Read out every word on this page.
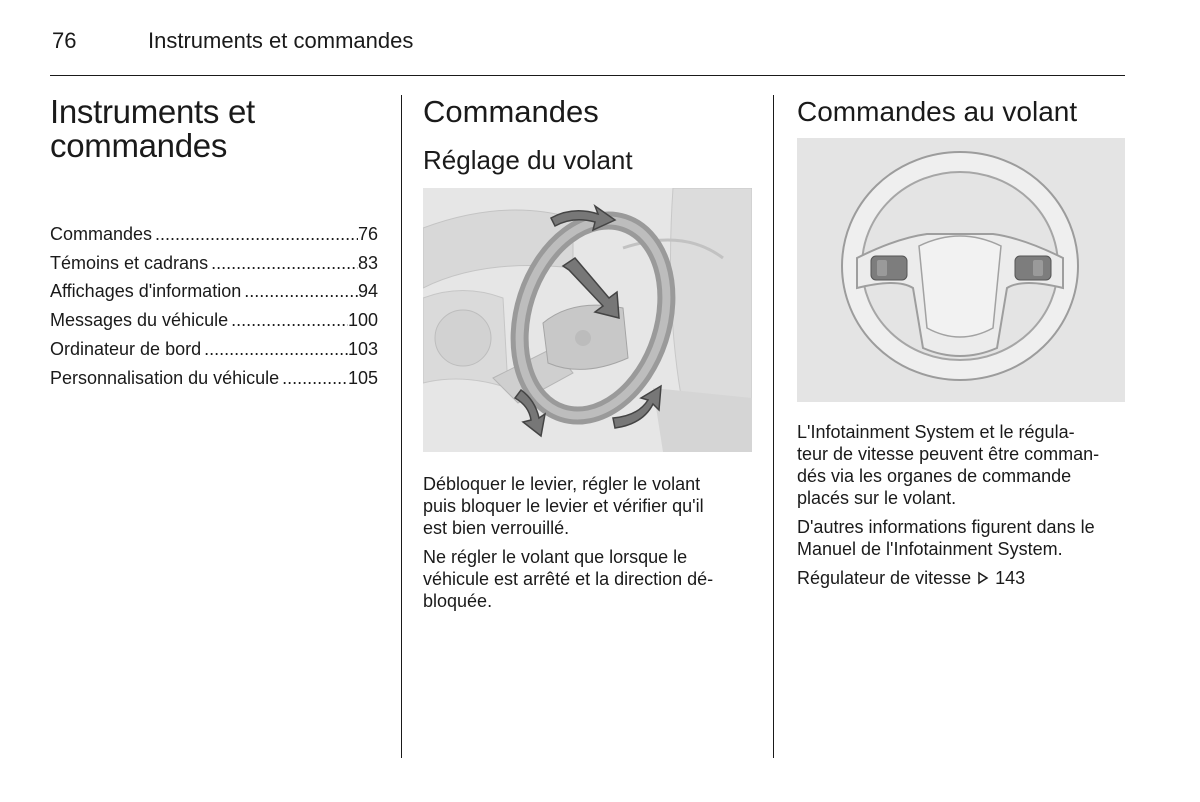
76	Instruments et commandes
Instruments et
commandes
Commandes .....	76
Témoins et cadrans .....	83
Affichages d'information .....	94
Messages du véhicule .....	100
Ordinateur de bord .....	103
Personnalisation du véhicule .....	105
Commandes
Réglage du volant

Débloquer le levier, régler le volant
puis bloquer le levier et vérifier qu'il
est bien verrouillé.

Ne régler le volant que lorsque le
véhicule est arrêté et la direction dé-
bloquée.

Commandes au volant

L'Infotainment System et le régula-
teur de vitesse peuvent être comman-
dés via les organes de commande
placés sur le volant.

D'autres informations figurent dans le
Manuel de l'Infotainment System.

Régulateur de vitesse 143
